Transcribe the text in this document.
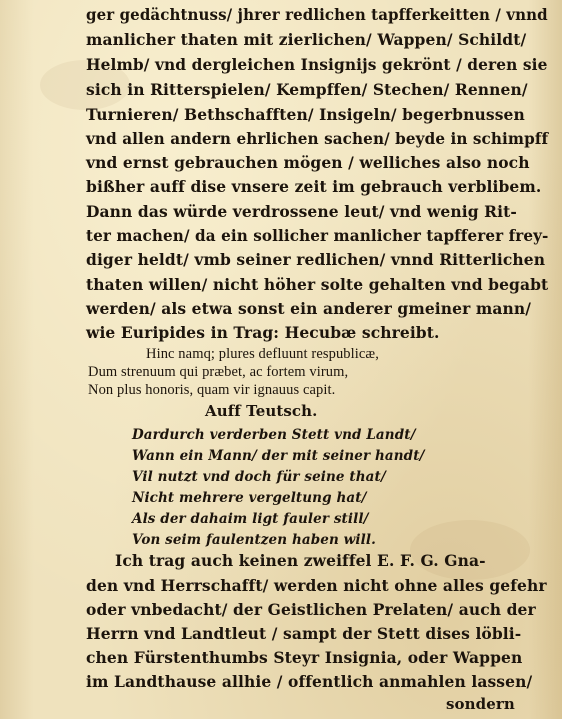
ger gedächtnuss/ jhrer redlichen tapfferkeitten / vnnd
manlicher thaten mit zierlichen/ Wappen/ Schildt/
Helmb/ vnd dergleichen Insignijs gekrönt / deren sie
sich in Ritterspielen/ Kempffen/ Stechen/ Rennen/
Turnieren/ Bethschafften/ Insigeln/ begerbnussen
vnd allen andern ehrlichen sachen/ beyde in schimpff
vnd ernst gebrauchen mögen / welliches also noch
bißher auff dise vnsere zeit im gebrauch verblibem.
Dann das würde verdrossene leut/ vnd wenig Rit-
ter machen/ da ein sollicher manlicher tapfferer frey-
diger heldt/ vmb seiner redlichen/ vnnd Ritterlichen
thaten willen/ nicht höher solte gehalten vnd begabt
werden/ als etwa sonst ein anderer gmeiner mann/
wie Euripides in Trag: Hecubæ schreibt.
Hinc namq; plures defluunt respublicæ,
Dum strenuum qui præbet, ac fortem virum,
Non plus honoris, quam vir ignauus capit.
Auff Teutsch.
Dardurch verderben Stett vnd Landt/
Wann ein Mann/ der mit seiner handt/
Vil nutzt vnd doch für seine that/
Nicht mehrere vergeltung hat/
Als der dahaim ligt fauler still/
Von seim faulentzen haben will.
Ich trag auch keinen zweiffel E. F. G. Gna-
den vnd Herrschafft/ werden nicht ohne alles gefehr
oder vnbedacht/ der Geistlichen Prelaten/ auch der
Herrn vnd Landtleut / sampt der Stett dises löbli-
chen Fürstenthumbs Steyr Insignia, oder Wappen
im Landthause allhie / offentlich anmahlen lassen/
sondern
